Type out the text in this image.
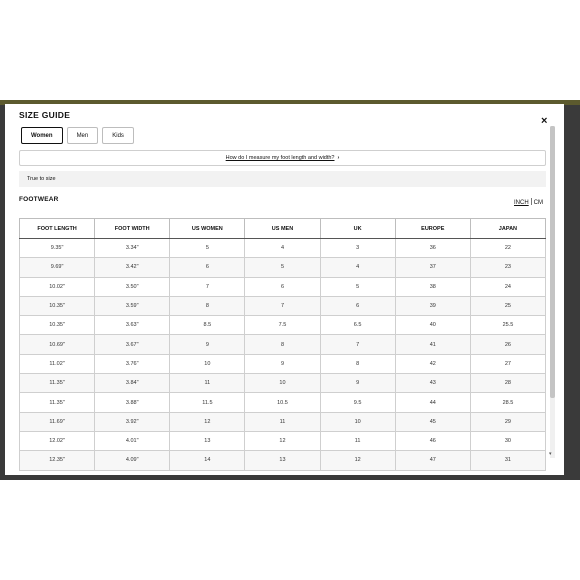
SIZE GUIDE	×
Women	Men	Kids
How do I measure my foot length and width? ›
True to size
FOOTWEAR	INCH CM
FOOT LENGTH	FOOT WIDTH	US WOMEN	US MEN	UK	EUROPE	JAPAN
9.35"	3.34"	5	4	3	36	22
9.69"	3.42"	6	5	4	37	23
10.02"	3.50"	7	6	5	38	24
10.35"	3.59"	8	7	6	39	25
10.35"	3.63"	8.5	7.5	6.5	40	25.5
10.69"	3.67"	9	8	7	41	26
11.02"	3.76"	10	9	8	42	27
11.35"	3.84"	11	10	9	43	28
11.35"	3.88"	11.5	10.5	9.5	44	28.5
11.69"	3.92"	12	11	10	45	29
12.02"	4.01"	13	12	11	46	30
12.35"	4.09"	14	13	12	47	31
▾
